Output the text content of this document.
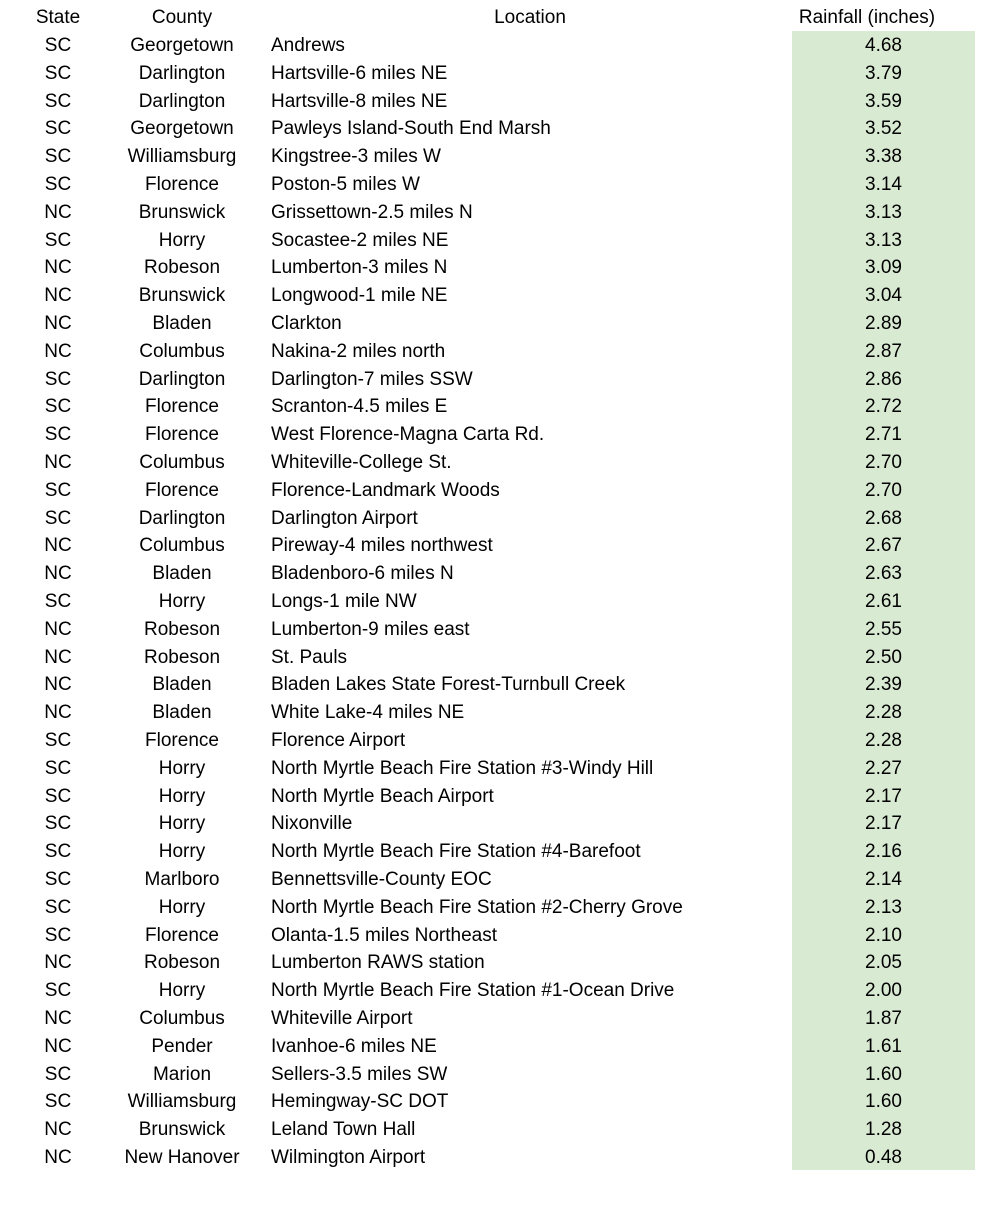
State	County	Location	Rainfall (inches)
SC	Georgetown	Andrews	4.68
SC	Darlington	Hartsville-6 miles NE	3.79
SC	Darlington	Hartsville-8 miles NE	3.59
SC	Georgetown	Pawleys Island-South End Marsh	3.52
SC	Williamsburg	Kingstree-3 miles W	3.38
SC	Florence	Poston-5 miles W	3.14
NC	Brunswick	Grissettown-2.5 miles N	3.13
SC	Horry	Socastee-2 miles NE	3.13
NC	Robeson	Lumberton-3 miles N	3.09
NC	Brunswick	Longwood-1 mile NE	3.04
NC	Bladen	Clarkton	2.89
NC	Columbus	Nakina-2 miles north	2.87
SC	Darlington	Darlington-7 miles SSW	2.86
SC	Florence	Scranton-4.5 miles E	2.72
SC	Florence	West Florence-Magna Carta Rd.	2.71
NC	Columbus	Whiteville-College St.	2.70
SC	Florence	Florence-Landmark Woods	2.70
SC	Darlington	Darlington Airport	2.68
NC	Columbus	Pireway-4 miles northwest	2.67
NC	Bladen	Bladenboro-6 miles N	2.63
SC	Horry	Longs-1 mile NW	2.61
NC	Robeson	Lumberton-9 miles east	2.55
NC	Robeson	St. Pauls	2.50
NC	Bladen	Bladen Lakes State Forest-Turnbull Creek	2.39
NC	Bladen	White Lake-4 miles NE	2.28
SC	Florence	Florence Airport	2.28
SC	Horry	North Myrtle Beach Fire Station #3-Windy Hill	2.27
SC	Horry	North Myrtle Beach Airport	2.17
SC	Horry	Nixonville	2.17
SC	Horry	North Myrtle Beach Fire Station #4-Barefoot	2.16
SC	Marlboro	Bennettsville-County EOC	2.14
SC	Horry	North Myrtle Beach Fire Station #2-Cherry Grove	2.13
SC	Florence	Olanta-1.5 miles Northeast	2.10
NC	Robeson	Lumberton RAWS station	2.05
SC	Horry	North Myrtle Beach Fire Station #1-Ocean Drive	2.00
NC	Columbus	Whiteville Airport	1.87
NC	Pender	Ivanhoe-6 miles NE	1.61
SC	Marion	Sellers-3.5 miles SW	1.60
SC	Williamsburg	Hemingway-SC DOT	1.60
NC	Brunswick	Leland Town Hall	1.28
NC	New Hanover	Wilmington Airport	0.48
